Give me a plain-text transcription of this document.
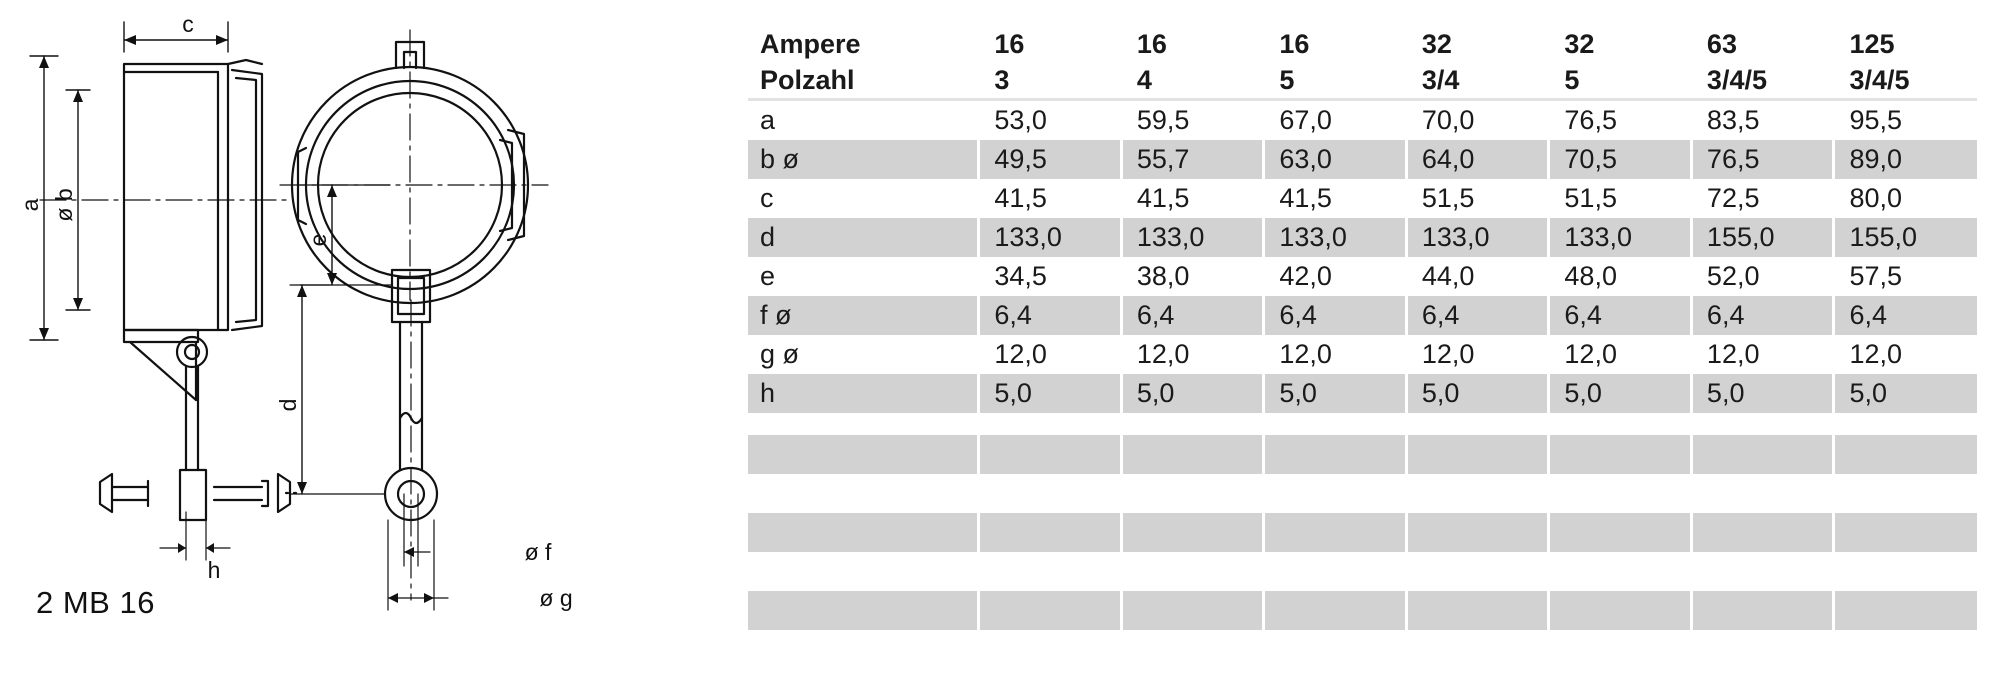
c
a ø b
e
d
h
ø f
ø g
2 MB 16
Ampere	16	16	16	32	32	63	125
Polzahl	3	4	5	3/4	5	3/4/5	3/4/5
a	53,0	59,5	67,0	70,0	76,5	83,5	95,5
b ø	49,5	55,7	63,0	64,0	70,5	76,5	89,0
c	41,5	41,5	41,5	51,5	51,5	72,5	80,0
d	133,0	133,0	133,0	133,0	133,0	155,0	155,0
e	34,5	38,0	42,0	44,0	48,0	52,0	57,5
f ø	6,4	6,4	6,4	6,4	6,4	6,4	6,4
g ø	12,0	12,0	12,0	12,0	12,0	12,0	12,0
h	5,0	5,0	5,0	5,0	5,0	5,0	5,0
